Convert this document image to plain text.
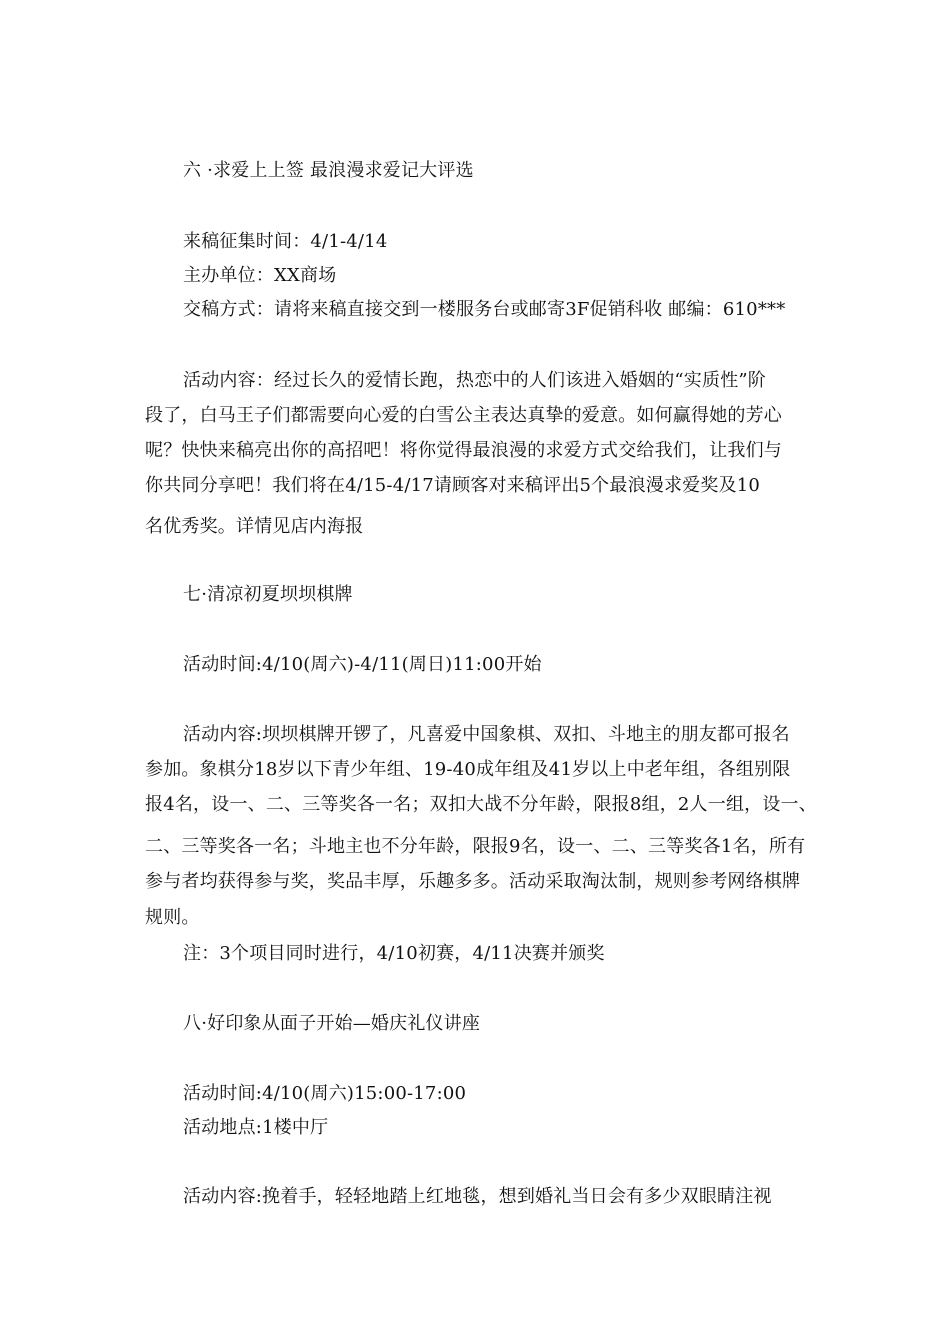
六 ·求爱上上签 最浪漫求爱记大评选
来稿征集时间：4/1-4/14
主办单位：XX商场
交稿方式：请将来稿直接交到一楼服务台或邮寄3F促销科收 邮编：610***
活动内容：经过长久的爱情长跑，热恋中的人们该进入婚姻的“实质性”阶
段了，白马王子们都需要向心爱的白雪公主表达真挚的爱意。如何赢得她的芳心
呢？快快来稿亮出你的高招吧！将你觉得最浪漫的求爱方式交给我们，让我们与
你共同分享吧！我们将在4/15-4/17请顾客对来稿评出5个最浪漫求爱奖及10
名优秀奖。详情见店内海报
七·清凉初夏坝坝棋牌
活动时间:4/10(周六)-4/11(周日)11:00开始
活动内容:坝坝棋牌开锣了，凡喜爱中国象棋、双扣、斗地主的朋友都可报名
参加。象棋分18岁以下青少年组、19-40成年组及41岁以上中老年组，各组别限
报4名，设一、二、三等奖各一名；双扣大战不分年龄，限报8组，2人一组，设一、
二、三等奖各一名；斗地主也不分年龄，限报9名，设一、二、三等奖各1名，所有
参与者均获得参与奖，奖品丰厚，乐趣多多。活动采取淘汰制，规则参考网络棋牌
规则。
注：3个项目同时进行，4/10初赛，4/11决赛并颁奖
八·好印象从面子开始—婚庆礼仪讲座
活动时间:4/10(周六)15:00-17:00
活动地点:1楼中厅
活动内容:挽着手，轻轻地踏上红地毯，想到婚礼当日会有多少双眼睛注视
